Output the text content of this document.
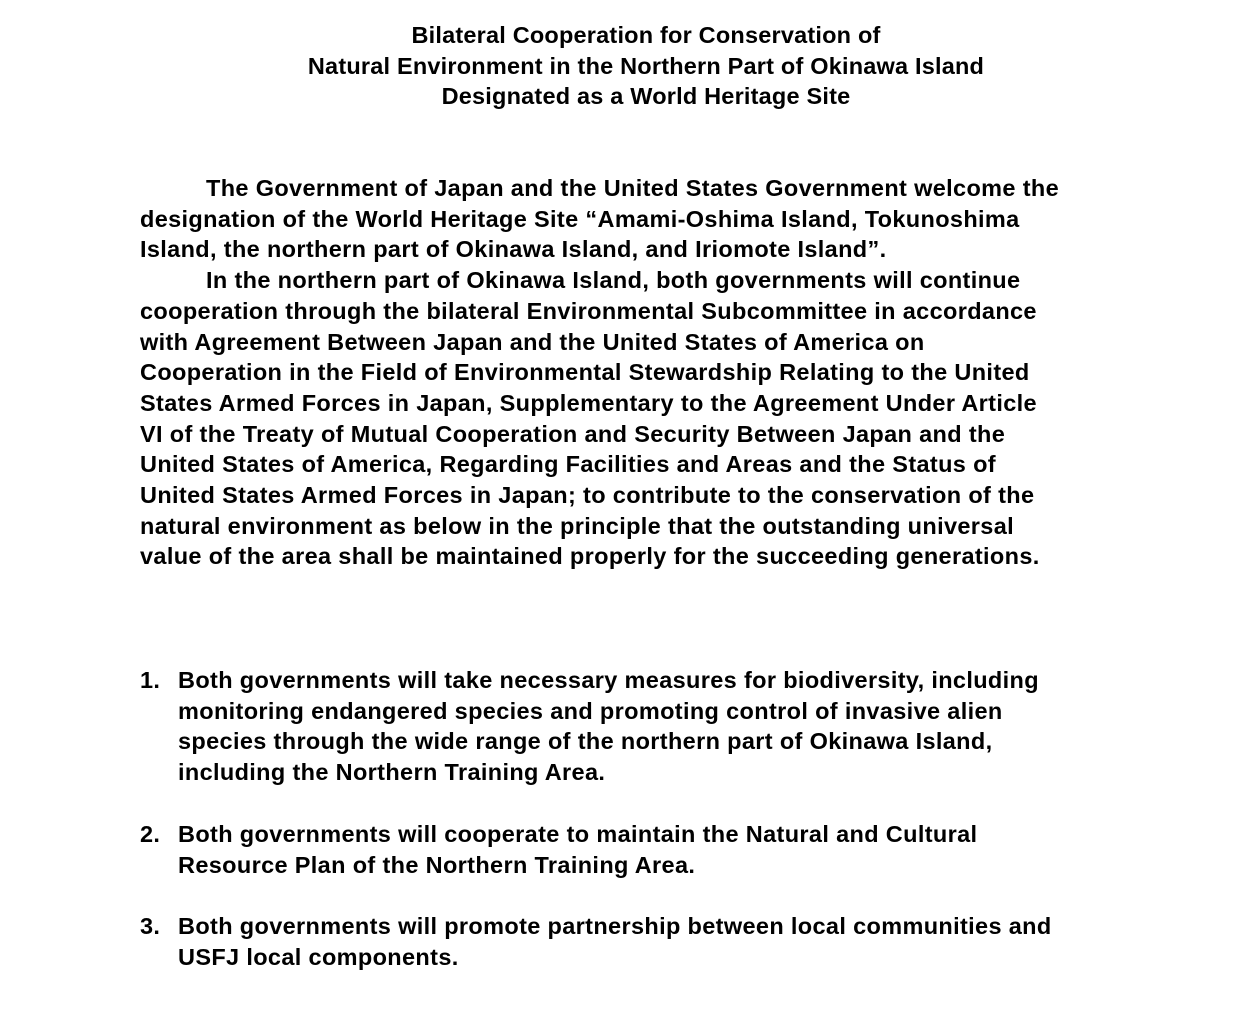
Bilateral Cooperation for Conservation of
Natural Environment in the Northern Part of Okinawa Island
Designated as a World Heritage Site
The Government of Japan and the United States Government welcome the
designation of the World Heritage Site “Amami-Oshima Island, Tokunoshima
Island, the northern part of Okinawa Island, and Iriomote Island”.
In the northern part of Okinawa Island, both governments will continue
cooperation through the bilateral Environmental Subcommittee in accordance
with Agreement Between Japan and the United States of America on
Cooperation in the Field of Environmental Stewardship Relating to the United
States Armed Forces in Japan, Supplementary to the Agreement Under Article
VI of the Treaty of Mutual Cooperation and Security Between Japan and the
United States of America, Regarding Facilities and Areas and the Status of
United States Armed Forces in Japan; to contribute to the conservation of the
natural environment as below in the principle that the outstanding universal
value of the area shall be maintained properly for the succeeding generations.
1. Both governments will take necessary measures for biodiversity, including
monitoring endangered species and promoting control of invasive alien
species through the wide range of the northern part of Okinawa Island,
including the Northern Training Area.
2. Both governments will cooperate to maintain the Natural and Cultural
Resource Plan of the Northern Training Area.
3. Both governments will promote partnership between local communities and
USFJ local components.
